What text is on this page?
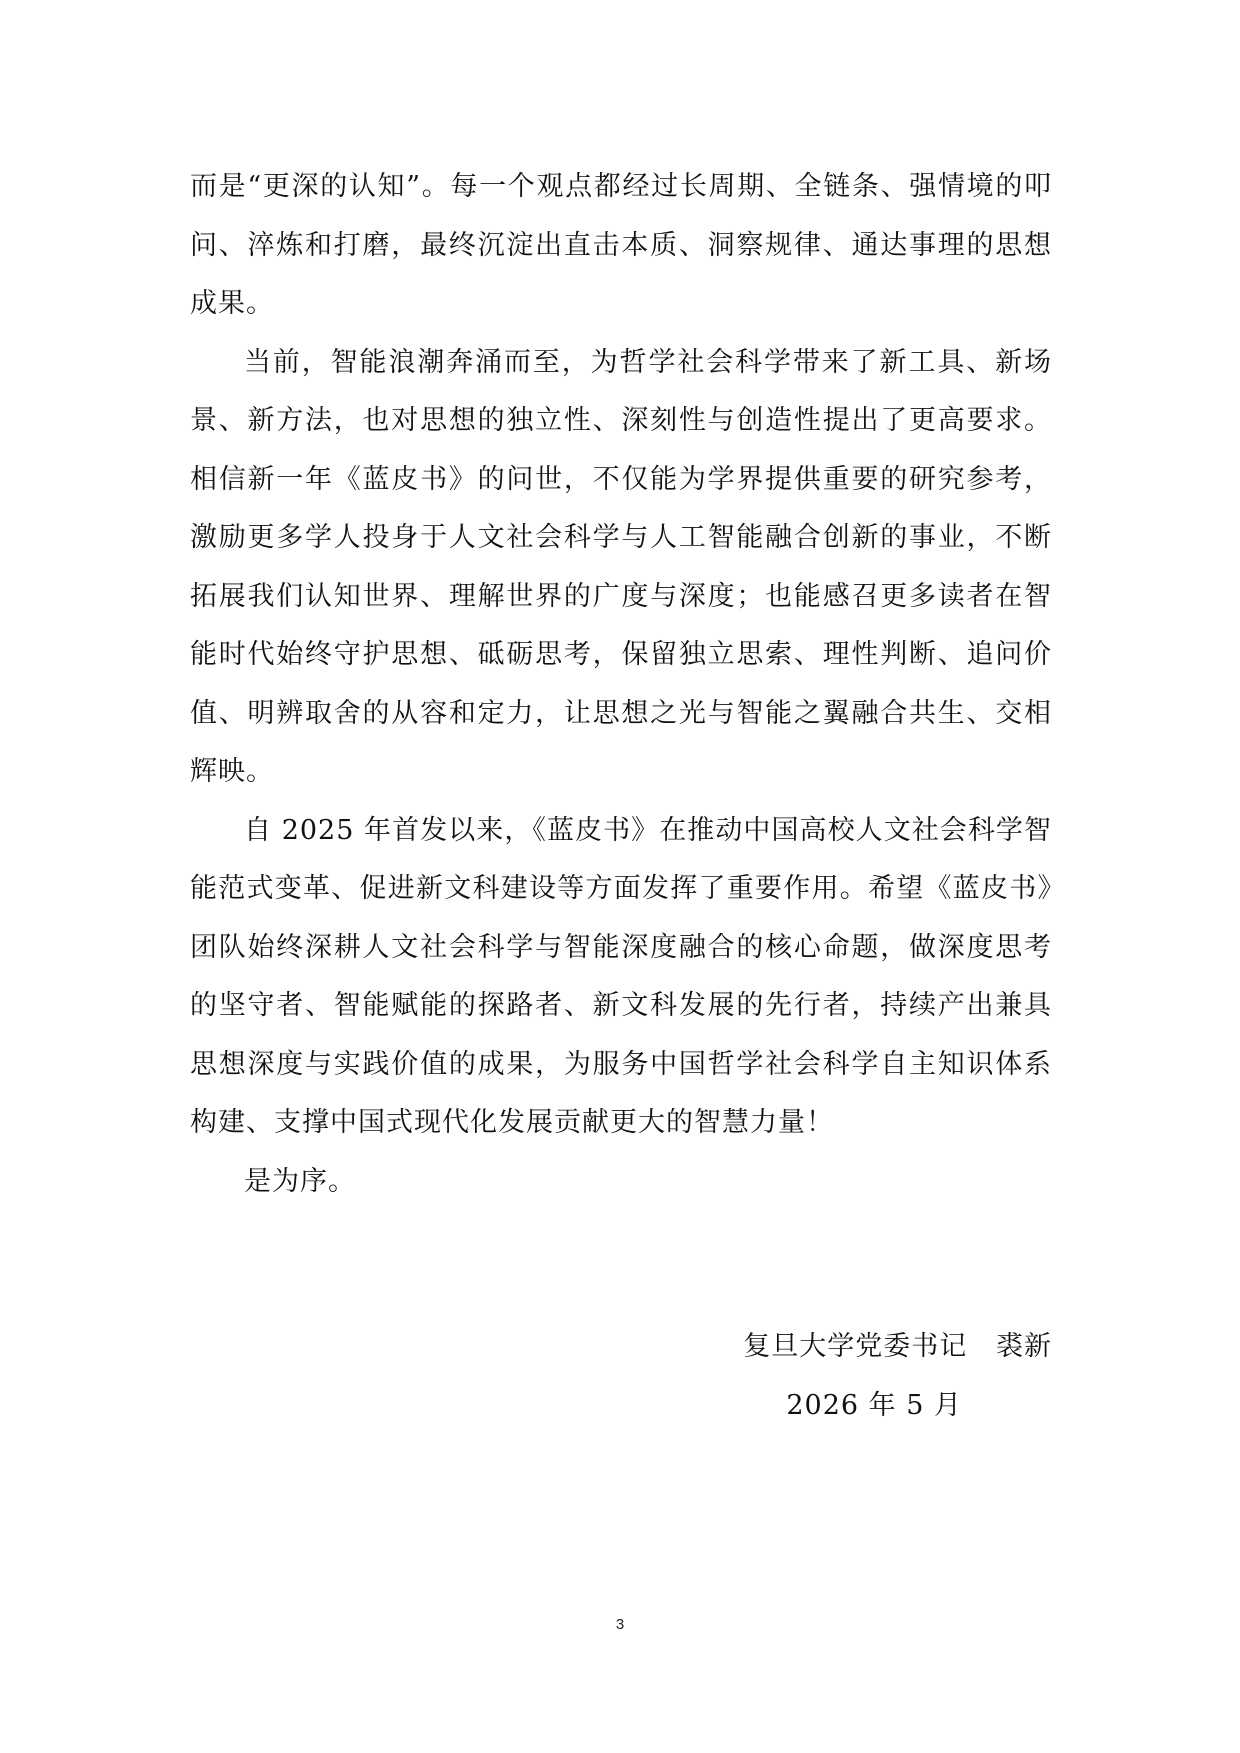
而是“更深的认知”。每一个观点都经过长周期、全链条、强情境的叩问、淬炼和打磨，最终沉淀出直击本质、洞察规律、通达事理的思想成果。

当前，智能浪潮奔涌而至，为哲学社会科学带来了新工具、新场景、新方法，也对思想的独立性、深刻性与创造性提出了更高要求。相信新一年《蓝皮书》的问世，不仅能为学界提供重要的研究参考，激励更多学人投身于人文社会科学与人工智能融合创新的事业，不断拓展我们认知世界、理解世界的广度与深度；也能感召更多读者在智能时代始终守护思想、砥砺思考，保留独立思索、理性判断、追问价值、明辨取舍的从容和定力，让思想之光与智能之翼融合共生、交相辉映。

自 2025 年首发以来，《蓝皮书》在推动中国高校人文社会科学智能范式变革、促进新文科建设等方面发挥了重要作用。希望《蓝皮书》团队始终深耕人文社会科学与智能深度融合的核心命题，做深度思考的坚守者、智能赋能的探路者、新文科发展的先行者，持续产出兼具思想深度与实践价值的成果，为服务中国哲学社会科学自主知识体系构建、支撑中国式现代化发展贡献更大的智慧力量！

是为序。

复旦大学党委书记   裘新
2026 年 5 月
3
